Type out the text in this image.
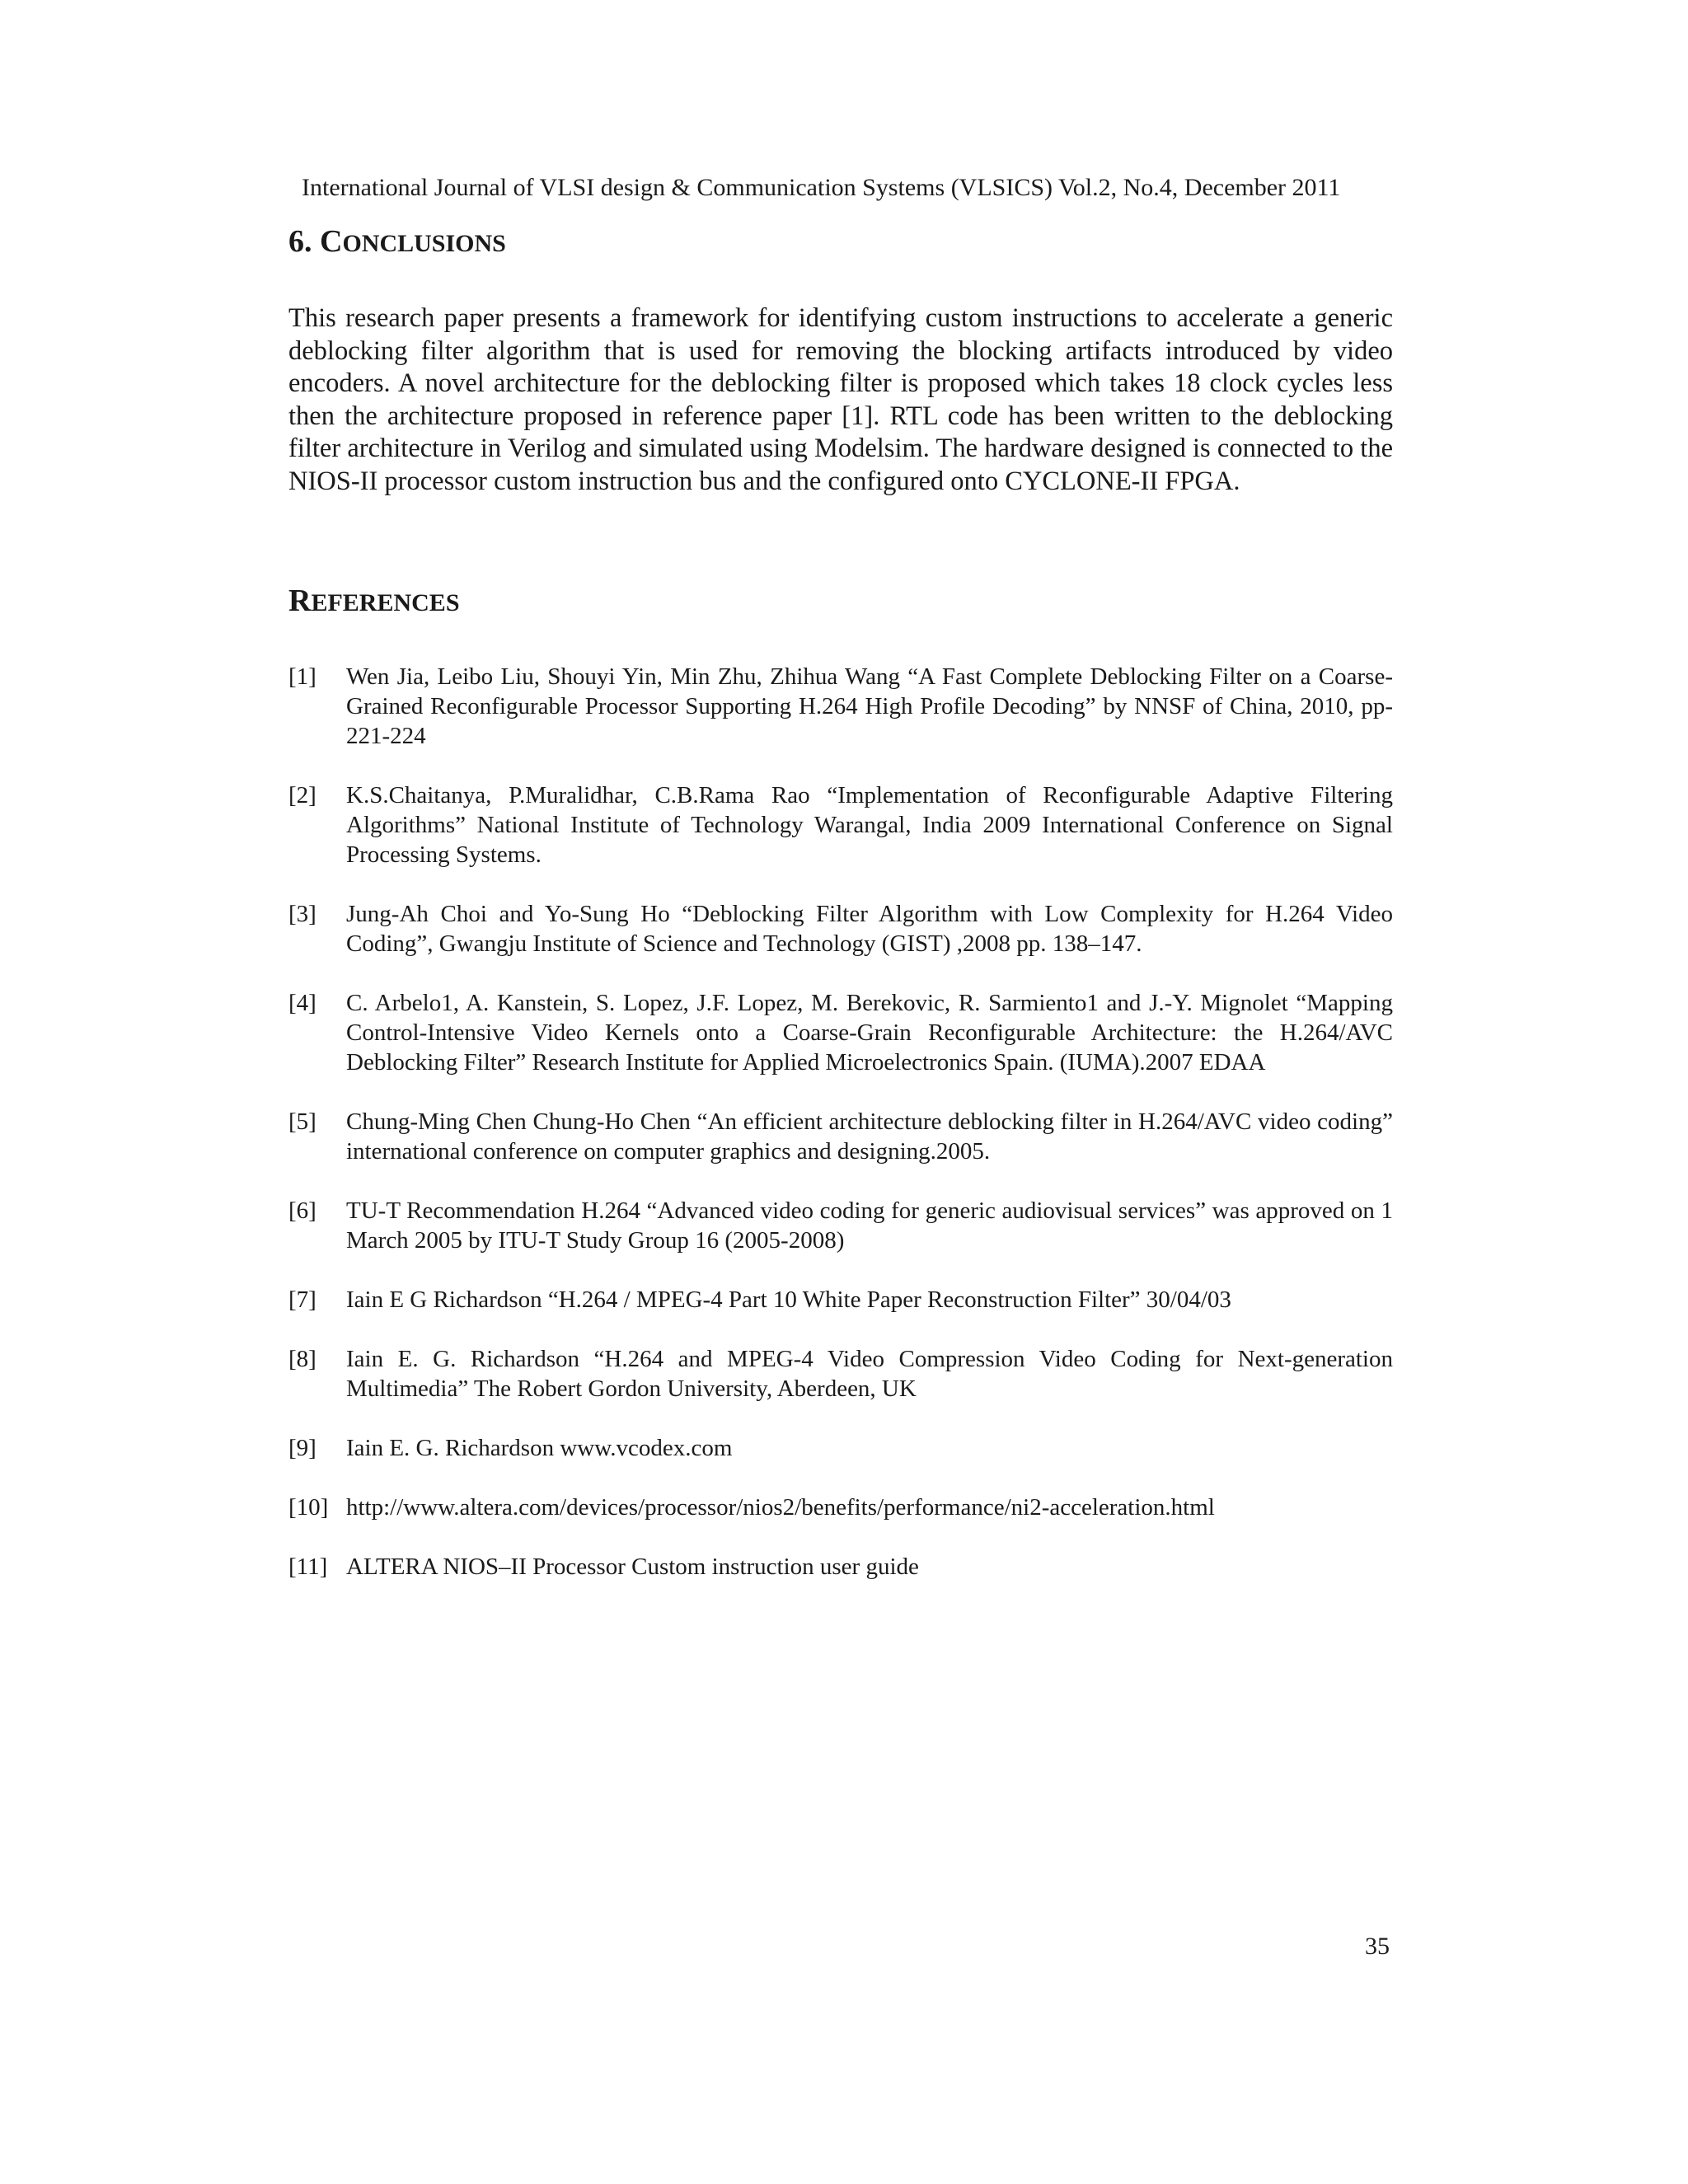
International Journal of VLSI design & Communication Systems (VLSICS) Vol.2, No.4, December 2011
6. CONCLUSIONS

This research paper presents a framework for identifying custom instructions to accelerate a generic deblocking filter algorithm that is used for removing the blocking artifacts introduced by video encoders. A novel architecture for the deblocking filter is proposed which takes 18 clock cycles less then the architecture proposed in reference paper [1]. RTL code has been written to the deblocking filter architecture in Verilog and simulated using Modelsim. The hardware designed is connected to the NIOS-II processor custom instruction bus and the configured onto CYCLONE-II FPGA.

REFERENCES
[1]	Wen Jia, Leibo Liu, Shouyi Yin, Min Zhu, Zhihua Wang “A Fast Complete Deblocking Filter on a Coarse- Grained Reconfigurable Processor Supporting H.264 High Profile Decoding” by NNSF of China, 2010, pp-221-224
[2]	K.S.Chaitanya, P.Muralidhar, C.B.Rama Rao “Implementation of Reconfigurable Adaptive Filtering Algorithms” National Institute of Technology Warangal, India 2009 International Conference on Signal Processing Systems.
[3]	Jung-Ah Choi and Yo-Sung Ho “Deblocking Filter Algorithm with Low Complexity for H.264 Video Coding”, Gwangju Institute of Science and Technology (GIST) ,2008 pp. 138–147.
[4]	C. Arbelo1, A. Kanstein, S. Lopez, J.F. Lopez, M. Berekovic, R. Sarmiento1 and J.-Y. Mignolet “Mapping Control-Intensive Video Kernels onto a Coarse-Grain Reconfigurable Architecture: the H.264/AVC Deblocking Filter” Research Institute for Applied Microelectronics Spain. (IUMA).2007 EDAA
[5]	Chung-Ming Chen Chung-Ho Chen “An efficient architecture deblocking filter in H.264/AVC video coding” international conference on computer graphics and designing.2005.
[6]	TU-T Recommendation H.264 “Advanced video coding for generic audiovisual services” was approved on 1 March 2005 by ITU-T Study Group 16 (2005-2008)
[7]	Iain E G Richardson “H.264 / MPEG-4 Part 10 White Paper Reconstruction Filter” 30/04/03
[8]	Iain E. G. Richardson “H.264 and MPEG-4 Video Compression Video Coding for Next-generation Multimedia” The Robert Gordon University, Aberdeen, UK
[9]	Iain E. G. Richardson www.vcodex.com
[10] http://www.altera.com/devices/processor/nios2/benefits/performance/ni2-acceleration.html
[11] ALTERA NIOS–II Processor Custom instruction user guide
35
